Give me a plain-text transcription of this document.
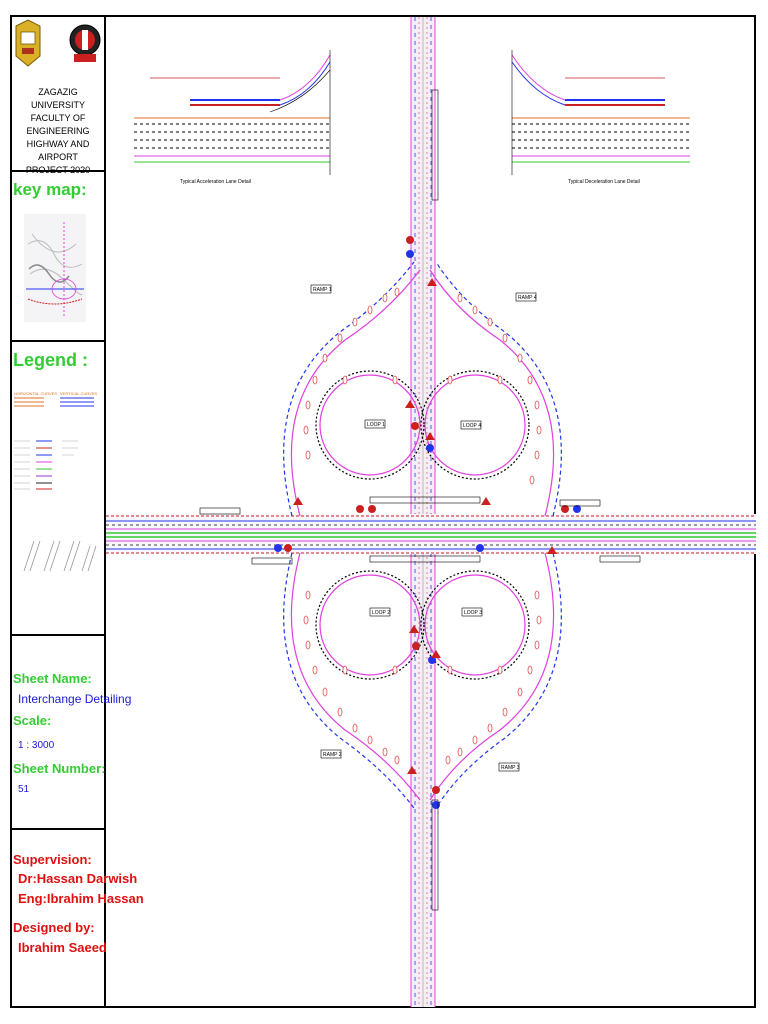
ZAGAZIG UNIVERSITY
FACULTY OF ENGINEERING
HIGHWAY AND AIRPORT
PROJECT 2020
key map:
Legend :
HORIZONTAL CURVES VERTICAL CURVES
Sheet Name:
Interchange Detailing
Scale:
1 : 3000
Sheet Number:
51
Supervision:
Dr:Hassan Darwish
Eng:Ibrahim Hassan
Designed by:
Ibrahim Saeed
Typical Acceleration Lane Detail	Typical Deceleration Lane Detail
RAMP 1
RAMP 2
RAMP 3
RAMP 4
LOOP 1
LOOP 2	LOOP 3
LOOP 4
